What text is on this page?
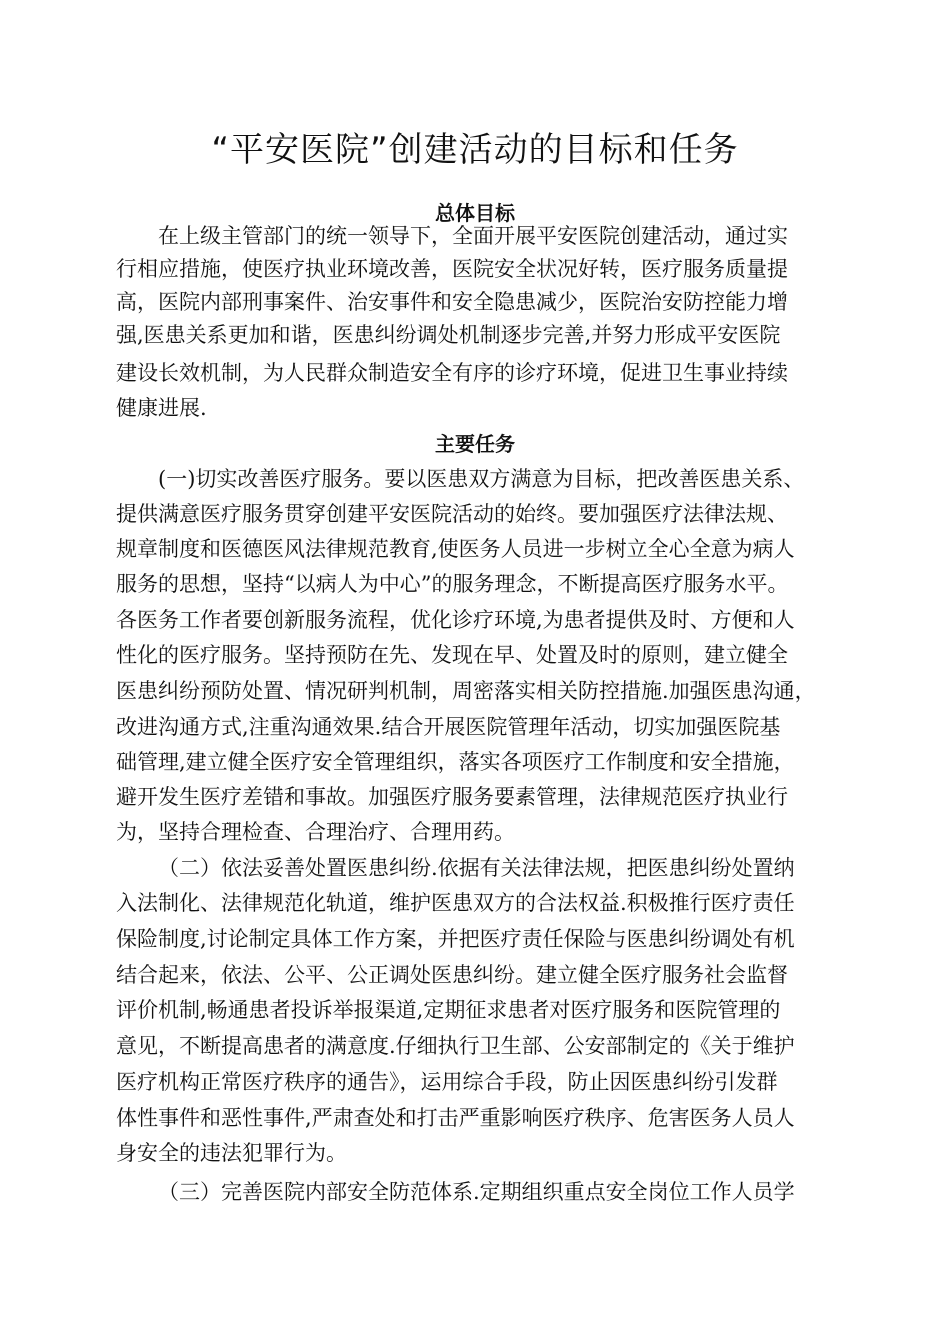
“平安医院”创建活动的目标和任务
总体目标

在上级主管部门的统一领导下，全面开展平安医院创建活动，通过实

行相应措施，使医疗执业环境改善，医院安全状况好转，医疗服务质量提

高，医院内部刑事案件、治安事件和安全隐患减少，医院治安防控能力增

强,医患关系更加和谐，医患纠纷调处机制逐步完善,并努力形成平安医院

建设长效机制，为人民群众制造安全有序的诊疗环境，促进卫生事业持续

健康进展.

主要任务

(一)切实改善医疗服务。要以医患双方满意为目标，把改善医患关系、

提供满意医疗服务贯穿创建平安医院活动的始终。要加强医疗法律法规、

规章制度和医德医风法律规范教育,使医务人员进一步树立全心全意为病人

服务的思想，坚持“以病人为中心”的服务理念，不断提高医疗服务水平。

各医务工作者要创新服务流程，优化诊疗环境,为患者提供及时、方便和人

性化的医疗服务。坚持预防在先、发现在早、处置及时的原则，建立健全

医患纠纷预防处置、情况研判机制，周密落实相关防控措施.加强医患沟通，

改进沟通方式,注重沟通效果.结合开展医院管理年活动，切实加强医院基

础管理,建立健全医疗安全管理组织，落实各项医疗工作制度和安全措施，

避开发生医疗差错和事故。加强医疗服务要素管理，法律规范医疗执业行

为，坚持合理检查、合理治疗、合理用药。

（二）依法妥善处置医患纠纷.依据有关法律法规，把医患纠纷处置纳

入法制化、法律规范化轨道，维护医患双方的合法权益.积极推行医疗责任

保险制度,讨论制定具体工作方案，并把医疗责任保险与医患纠纷调处有机

结合起来，依法、公平、公正调处医患纠纷。建立健全医疗服务社会监督

评价机制,畅通患者投诉举报渠道,定期征求患者对医疗服务和医院管理的

意见，不断提高患者的满意度.仔细执行卫生部、公安部制定的《关于维护

医疗机构正常医疗秩序的通告》，运用综合手段，防止因医患纠纷引发群

体性事件和恶性事件,严肃查处和打击严重影响医疗秩序、危害医务人员人

身安全的违法犯罪行为。

（三）完善医院内部安全防范体系.定期组织重点安全岗位工作人员学
